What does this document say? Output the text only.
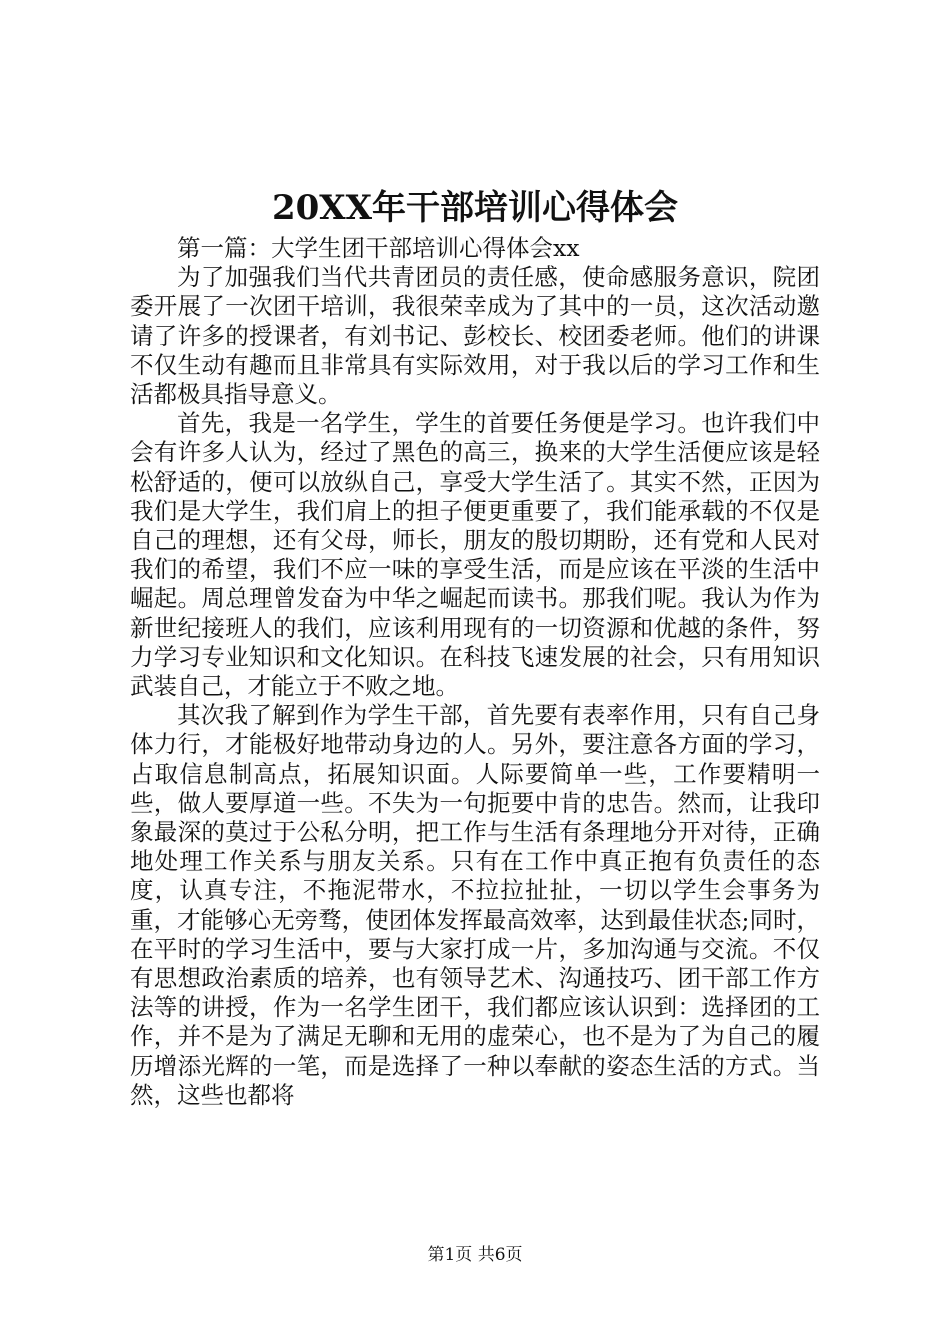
20XX年干部培训心得体会

第一篇：大学生团干部培训心得体会xx

为了加强我们当代共青团员的责任感，使命感服务意识，院团委开展了一次团干培训，我很荣幸成为了其中的一员，这次活动邀请了许多的授课者，有刘书记、彭校长、校团委老师。他们的讲课不仅生动有趣而且非常具有实际效用，对于我以后的学习工作和生活都极具指导意义。

首先，我是一名学生，学生的首要任务便是学习。也许我们中会有许多人认为，经过了黑色的高三，换来的大学生活便应该是轻松舒适的，便可以放纵自己，享受大学生活了。其实不然，正因为我们是大学生，我们肩上的担子便更重要了，我们能承载的不仅是自己的理想，还有父母，师长，朋友的殷切期盼，还有党和人民对我们的希望，我们不应一味的享受生活，而是应该在平淡的生活中崛起。周总理曾发奋为中华之崛起而读书。那我们呢。我认为作为新世纪接班人的我们，应该利用现有的一切资源和优越的条件，努力学习专业知识和文化知识。在科技飞速发展的社会，只有用知识武装自己，才能立于不败之地。

其次我了解到作为学生干部，首先要有表率作用，只有自己身体力行，才能极好地带动身边的人。另外，要注意各方面的学习，占取信息制高点，拓展知识面。人际要简单一些，工作要精明一些，做人要厚道一些。不失为一句扼要中肯的忠告。然而，让我印象最深的莫过于公私分明，把工作与生活有条理地分开对待，正确地处理工作关系与朋友关系。只有在工作中真正抱有负责任的态度，认真专注，不拖泥带水，不拉拉扯扯，一切以学生会事务为重，才能够心无旁骛，使团体发挥最高效率，达到最佳状态;同时，在平时的学习生活中，要与大家打成一片，多加沟通与交流。不仅有思想政治素质的培养，也有领导艺术、沟通技巧、团干部工作方法等的讲授，作为一名学生团干，我们都应该认识到：选择团的工作，并不是为了满足无聊和无用的虚荣心，也不是为了为自己的履历增添光辉的一笔，而是选择了一种以奉献的姿态生活的方式。当然，这些也都将

第1页 共6页
